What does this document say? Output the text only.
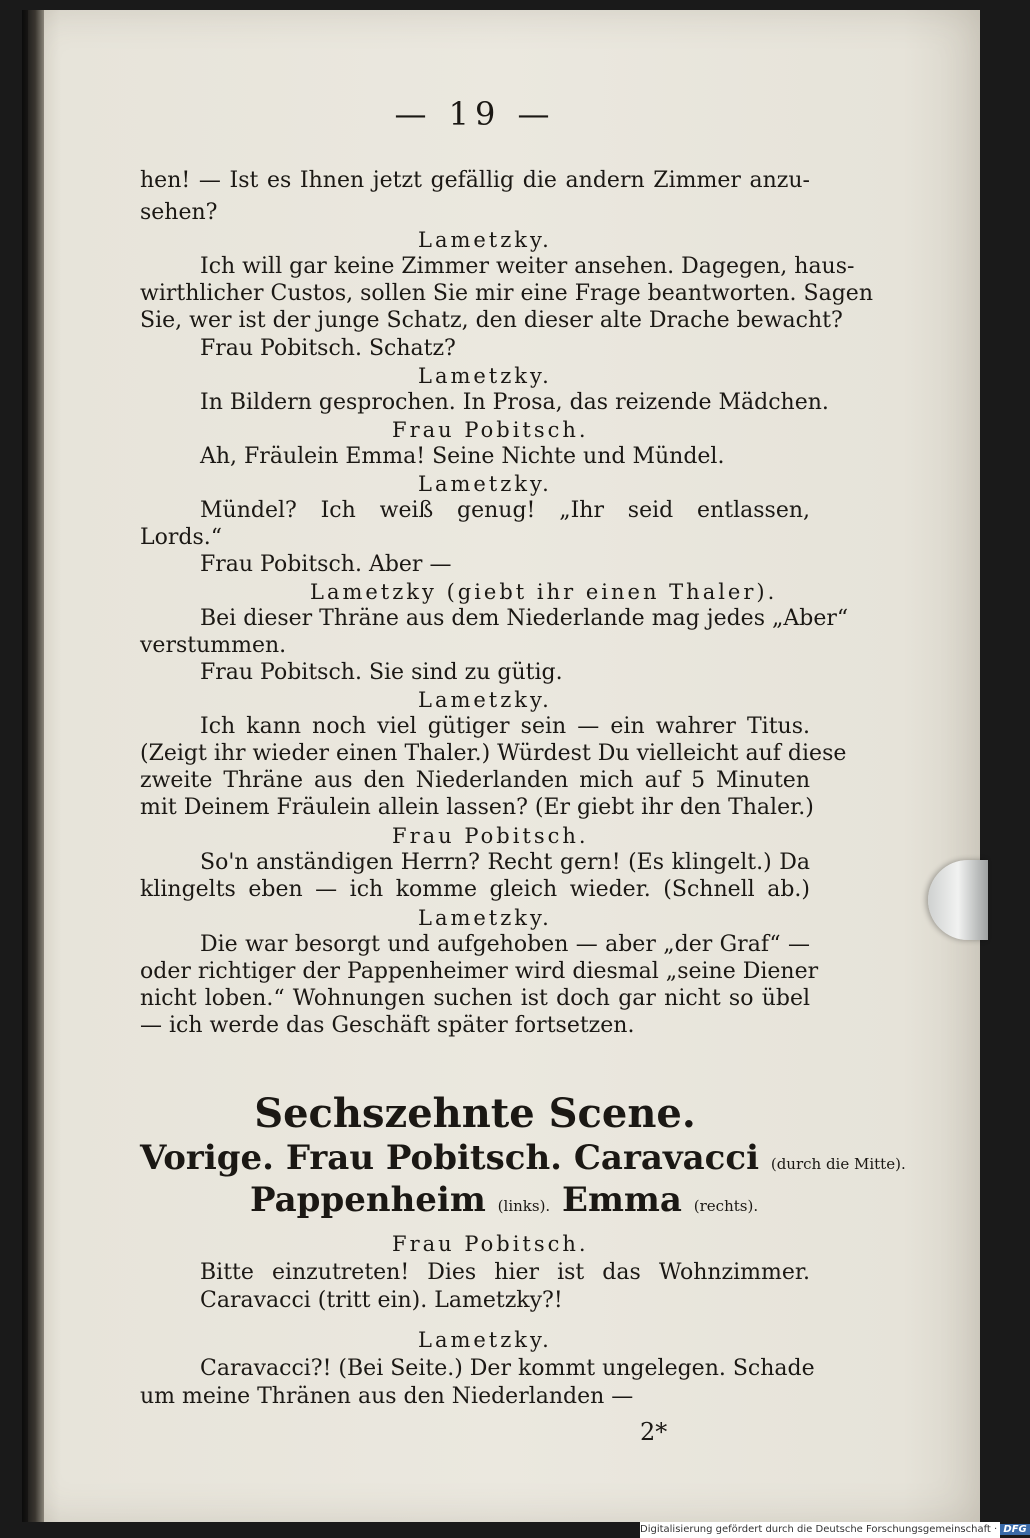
— 19 —
hen! — Ist es Ihnen jetzt gefällig die andern Zimmer anzu-
sehen?
Lametzky.
Ich will gar keine Zimmer weiter ansehen. Dagegen, haus-
wirthlicher Custos, sollen Sie mir eine Frage beantworten. Sagen
Sie, wer ist der junge Schatz, den dieser alte Drache bewacht?
Frau Pobitsch. Schatz?
Lametzky.
In Bildern gesprochen. In Prosa, das reizende Mädchen.
Frau Pobitsch.
Ah, Fräulein Emma! Seine Nichte und Mündel.
Lametzky.
Mündel? Ich weiß genug! „Ihr seid entlassen,
Lords.“
Frau Pobitsch. Aber —
Lametzky (giebt ihr einen Thaler).
Bei dieser Thräne aus dem Niederlande mag jedes „Aber“
verstummen.
Frau Pobitsch. Sie sind zu gütig.
Lametzky.
Ich kann noch viel gütiger sein — ein wahrer Titus.
(Zeigt ihr wieder einen Thaler.) Würdest Du vielleicht auf diese
zweite Thräne aus den Niederlanden mich auf 5 Minuten
mit Deinem Fräulein allein lassen? (Er giebt ihr den Thaler.)
Frau Pobitsch.
So'n anständigen Herrn? Recht gern! (Es klingelt.) Da
klingelts eben — ich komme gleich wieder. (Schnell ab.)
Lametzky.
Die war besorgt und aufgehoben — aber „der Graf“ —
oder richtiger der Pappenheimer wird diesmal „seine Diener
nicht loben.“ Wohnungen suchen ist doch gar nicht so übel
— ich werde das Geschäft später fortsetzen.
Sechszehnte Scene.
Vorige. Frau Pobitsch. Caravacci (durch die Mitte).
Pappenheim (links). Emma (rechts).
Frau Pobitsch.
Bitte einzutreten! Dies hier ist das Wohnzimmer.
Caravacci (tritt ein). Lametzky?!
Lametzky.
Caravacci?! (Bei Seite.) Der kommt ungelegen. Schade
um meine Thränen aus den Niederlanden —
2*
Digitalisierung gefördert durch die Deutsche Forschungsgemeinschaft · DFG
